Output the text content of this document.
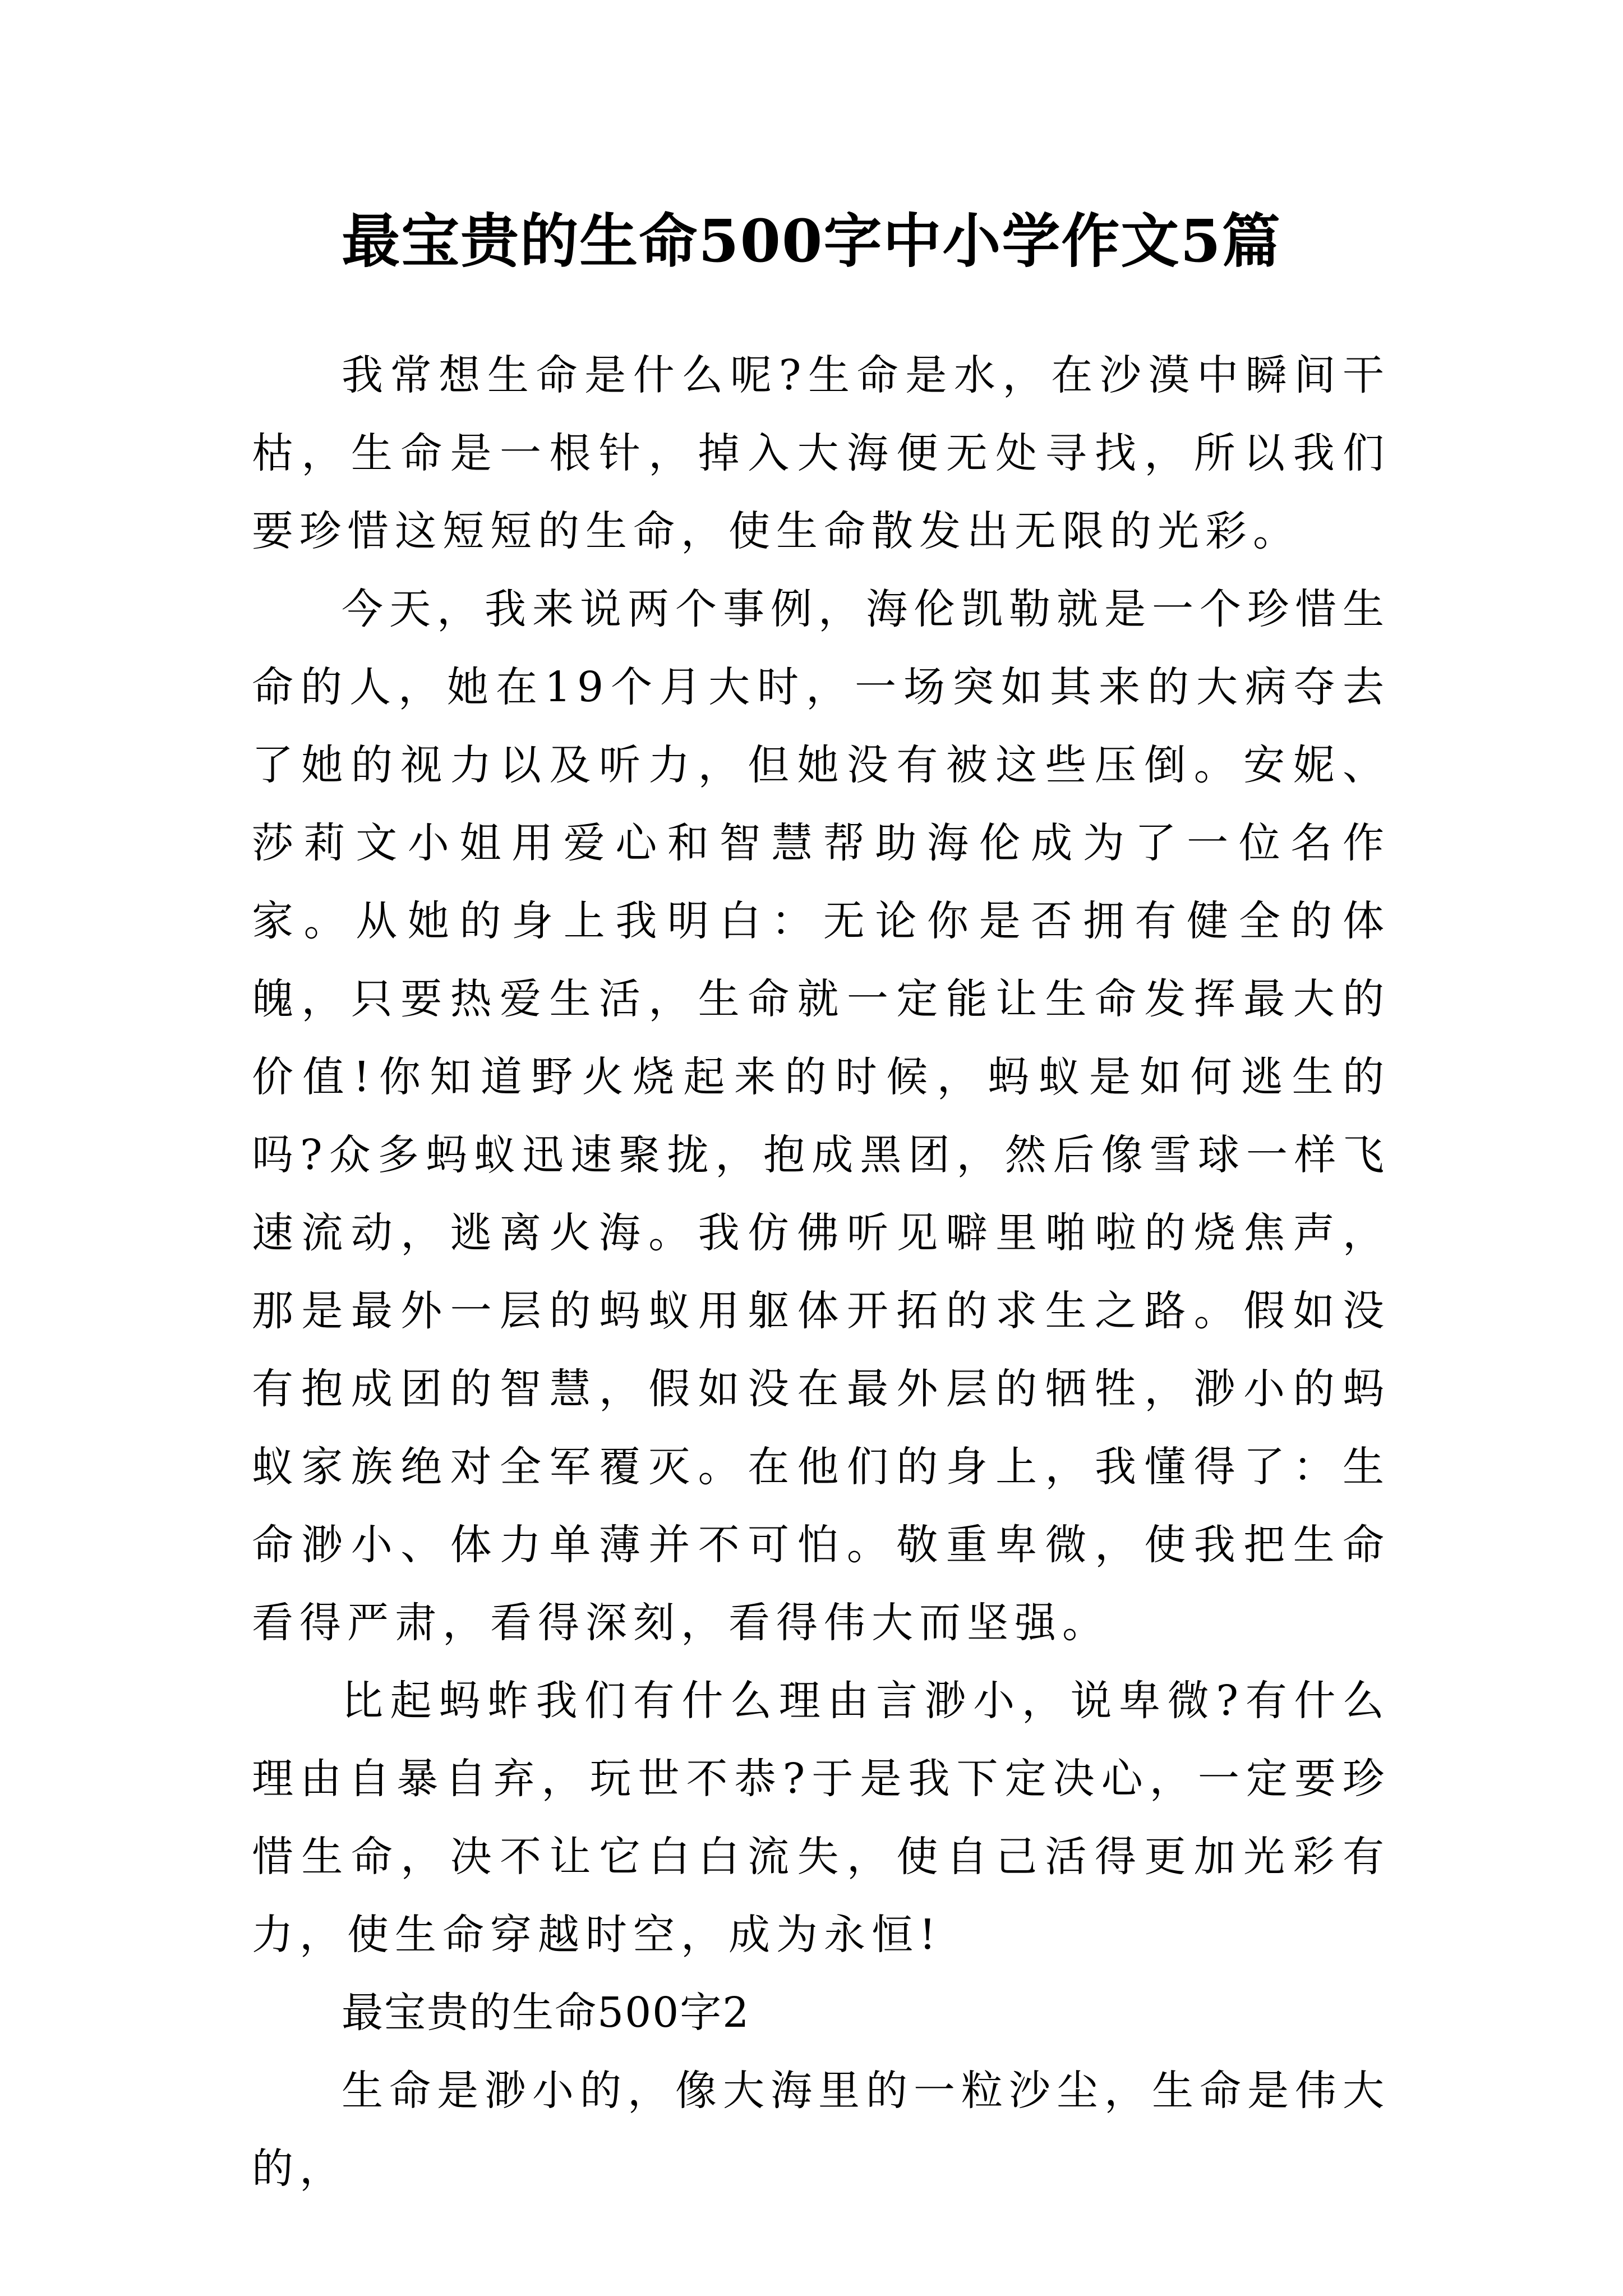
最宝贵的生命500字中小学作文5篇

我常想生命是什么呢?生命是水，在沙漠中瞬间干枯，生命是一根针，掉入大海便无处寻找，所以我们要珍惜这短短的生命，使生命散发出无限的光彩。

今天，我来说两个事例，海伦凯勒就是一个珍惜生命的人，她在19个月大时，一场突如其来的大病夺去了她的视力以及听力，但她没有被这些压倒。安妮、莎莉文小姐用爱心和智慧帮助海伦成为了一位名作家。从她的身上我明白：无论你是否拥有健全的体魄，只要热爱生活，生命就一定能让生命发挥最大的价值!你知道野火烧起来的时候，蚂蚁是如何逃生的吗?众多蚂蚁迅速聚拢，抱成黑团，然后像雪球一样飞速流动，逃离火海。我仿佛听见噼里啪啦的烧焦声，那是最外一层的蚂蚁用躯体开拓的求生之路。假如没有抱成团的智慧，假如没在最外层的牺牲，渺小的蚂蚁家族绝对全军覆灭。在他们的身上，我懂得了：生命渺小、体力单薄并不可怕。敬重卑微，使我把生命看得严肃，看得深刻，看得伟大而坚强。

比起蚂蚱我们有什么理由言渺小，说卑微?有什么理由自暴自弃，玩世不恭?于是我下定决心，一定要珍惜生命，决不让它白白流失，使自己活得更加光彩有力，使生命穿越时空，成为永恒!

最宝贵的生命500字2

生命是渺小的，像大海里的一粒沙尘，生命是伟大的，
